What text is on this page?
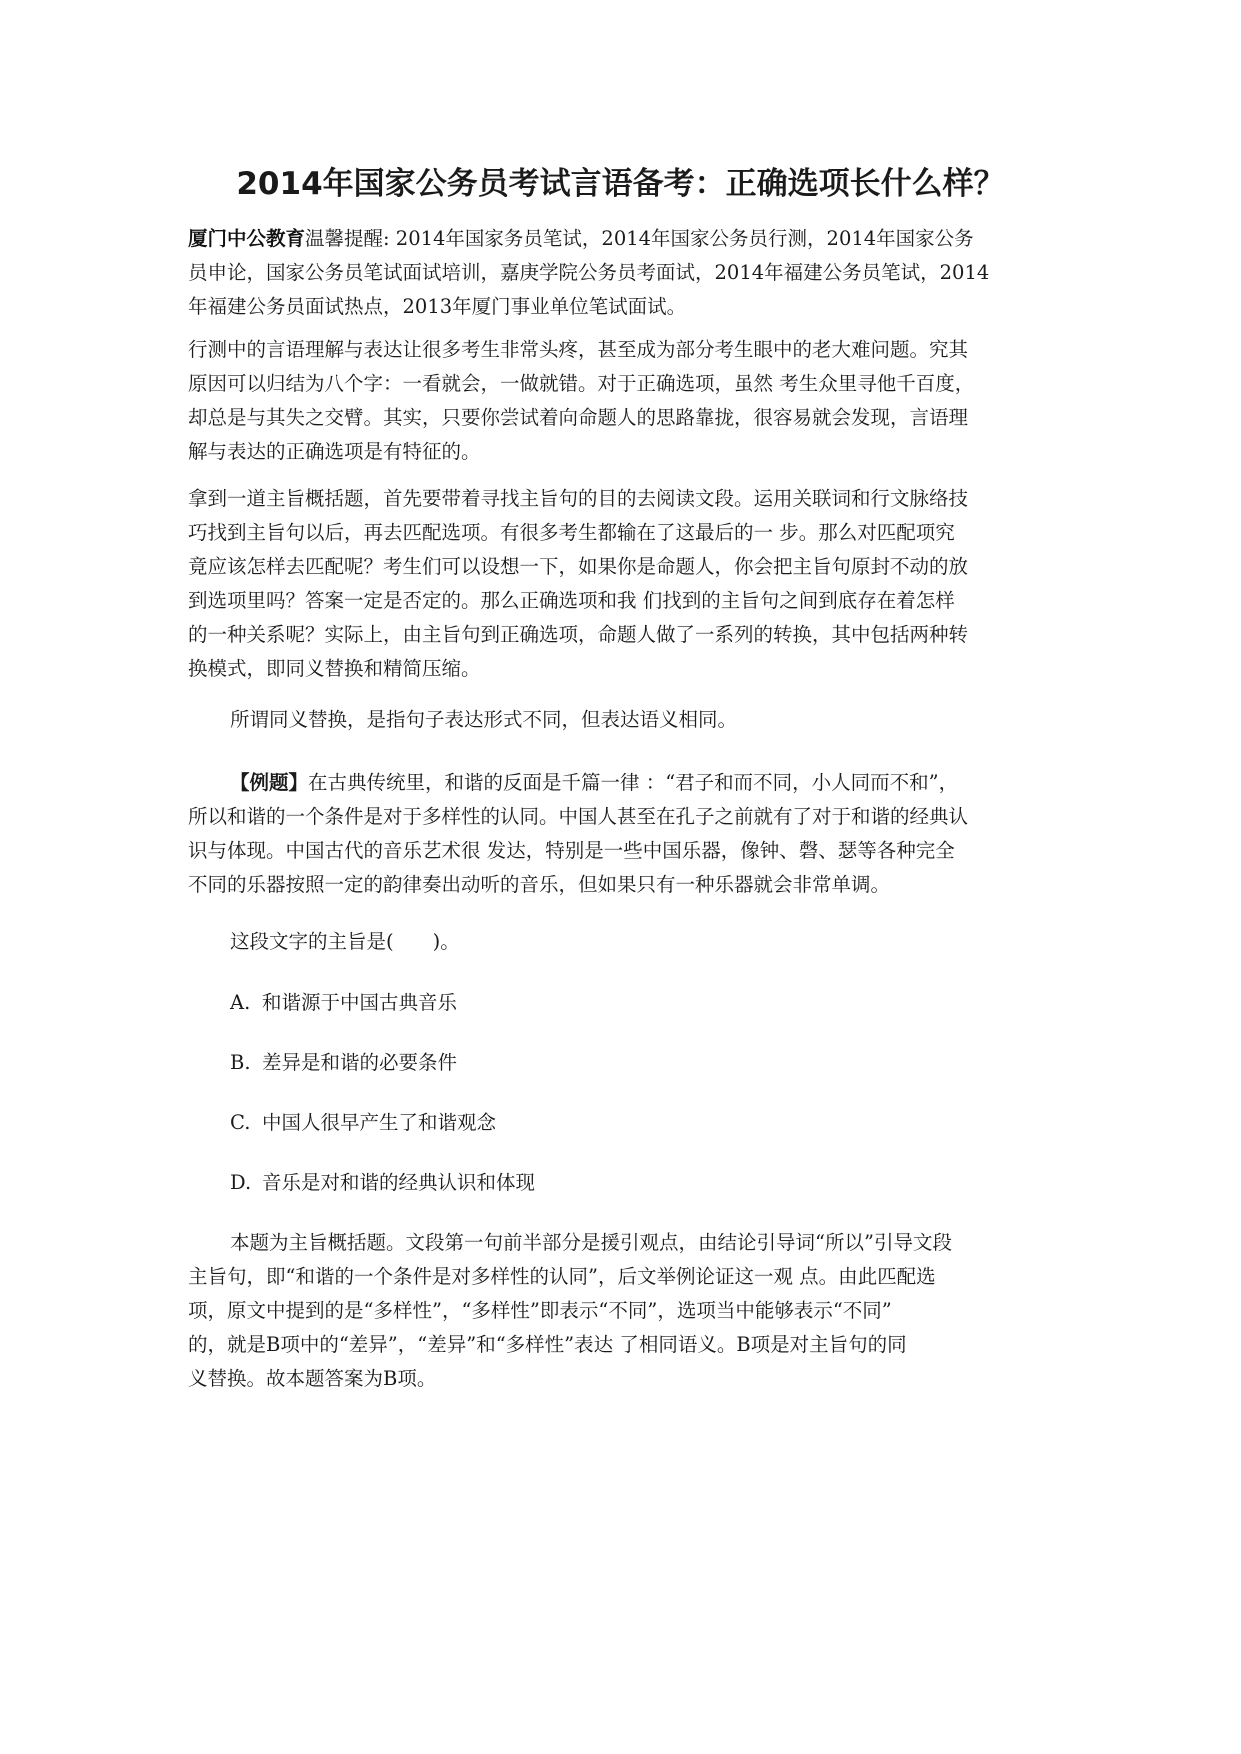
2014年国家公务员考试言语备考：正确选项长什么样？

厦门中公教育温馨提醒: 2014年国家务员笔试，2014年国家公务员行测，2014年国家公务
员申论，国家公务员笔试面试培训，嘉庚学院公务员考面试，2014年福建公务员笔试，2014
年福建公务员面试热点，2013年厦门事业单位笔试面试。

行测中的言语理解与表达让很多考生非常头疼，甚至成为部分考生眼中的老大难问题。究其
原因可以归结为八个字：一看就会，一做就错。对于正确选项，虽然 考生众里寻他千百度，
却总是与其失之交臂。其实，只要你尝试着向命题人的思路靠拢，很容易就会发现，言语理
解与表达的正确选项是有特征的。

拿到一道主旨概括题，首先要带着寻找主旨句的目的去阅读文段。运用关联词和行文脉络技
巧找到主旨句以后，再去匹配选项。有很多考生都输在了这最后的一 步。那么对匹配项究
竟应该怎样去匹配呢？考生们可以设想一下，如果你是命题人，你会把主旨句原封不动的放
到选项里吗？答案一定是否定的。那么正确选项和我 们找到的主旨句之间到底存在着怎样
的一种关系呢？实际上，由主旨句到正确选项，命题人做了一系列的转换，其中包括两种转
换模式，即同义替换和精简压缩。

所谓同义替换，是指句子表达形式不同，但表达语义相同。

【例题】在古典传统里，和谐的反面是千篇一律 ：“君子和而不同，小人同而不和”，
所以和谐的一个条件是对于多样性的认同。中国人甚至在孔子之前就有了对于和谐的经典认
识与体现。中国古代的音乐艺术很 发达，特别是一些中国乐器，像钟、磬、瑟等各种完全
不同的乐器按照一定的韵律奏出动听的音乐，但如果只有一种乐器就会非常单调。

这段文字的主旨是(　　)。

A. 和谐源于中国古典音乐

B. 差异是和谐的必要条件

C. 中国人很早产生了和谐观念

D. 音乐是对和谐的经典认识和体现

本题为主旨概括题。文段第一句前半部分是援引观点，由结论引导词“所以”引导文段
主旨句，即“和谐的一个条件是对多样性的认同”，后文举例论证这一观 点。由此匹配选
项，原文中提到的是“多样性”，“多样性”即表示“不同”，选项当中能够表示“不同”
的，就是B项中的“差异”，“差异”和“多样性”表达 了相同语义。B项是对主旨句的同
义替换。故本题答案为B项。
